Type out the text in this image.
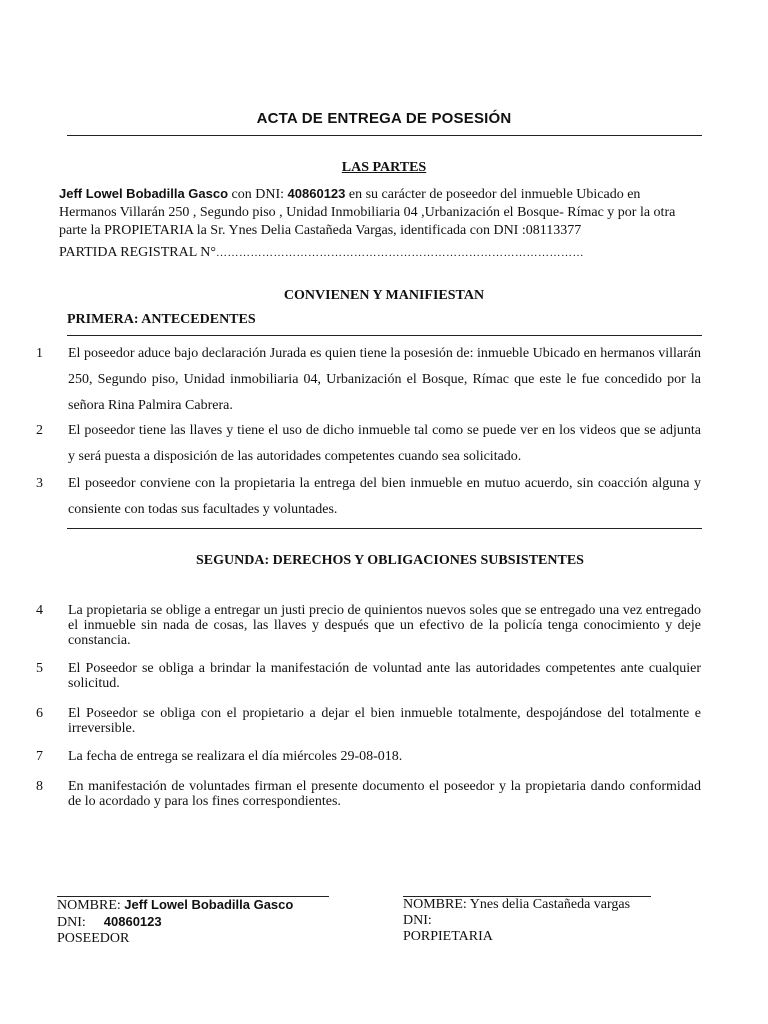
ACTA DE ENTREGA DE POSESIÓN
LAS PARTES
Jeff Lowel Bobadilla Gasco con DNI: 40860123 en su carácter de poseedor del inmueble Ubicado en Hermanos Villarán 250 , Segundo piso , Unidad Inmobiliaria 04 ,Urbanización el Bosque- Rímac y por la otra parte la PROPIETARIA la Sr. Ynes Delia Castañeda Vargas, identificada con DNI :08113377
PARTIDA REGISTRAL N°……………………………………………………………………………………
CONVIENEN Y MANIFIESTAN
PRIMERA: ANTECEDENTES
1 El poseedor aduce bajo declaración Jurada es quien tiene la posesión de: inmueble Ubicado en hermanos villarán 250, Segundo piso, Unidad inmobiliaria 04, Urbanización el Bosque, Rímac que este le fue concedido por la señora Rina Palmira Cabrera.
2 El poseedor tiene las llaves y tiene el uso de dicho inmueble tal como se puede ver en los videos que se adjunta y será puesta a disposición de las autoridades competentes cuando sea solicitado.
3 El poseedor conviene con la propietaria la entrega del bien inmueble en mutuo acuerdo, sin coacción alguna y consiente con todas sus facultades y voluntades.
SEGUNDA: DERECHOS Y OBLIGACIONES SUBSISTENTES
4 La propietaria se oblige a entregar un justi precio de quinientos nuevos soles que se entregado una vez entregado el inmueble sin nada de cosas, las llaves y después que un efectivo de la policía tenga conocimiento y deje constancia.
5 El Poseedor se obliga a brindar la manifestación de voluntad ante las autoridades competentes ante cualquier solicitud.
6 El Poseedor se obliga con el propietario a dejar el bien inmueble totalmente, despojándose del totalmente e irreversible.
7 La fecha de entrega se realizara el día miércoles 29-08-018.
8 En manifestación de voluntades firman el presente documento el poseedor y la propietaria dando conformidad de lo acordado y para los fines correspondientes.
NOMBRE: Jeff Lowel Bobadilla Gasco
DNI: 40860123
POSEEDOR
NOMBRE: Ynes delia Castañeda vargas
DNI:
PORPIETARIA
